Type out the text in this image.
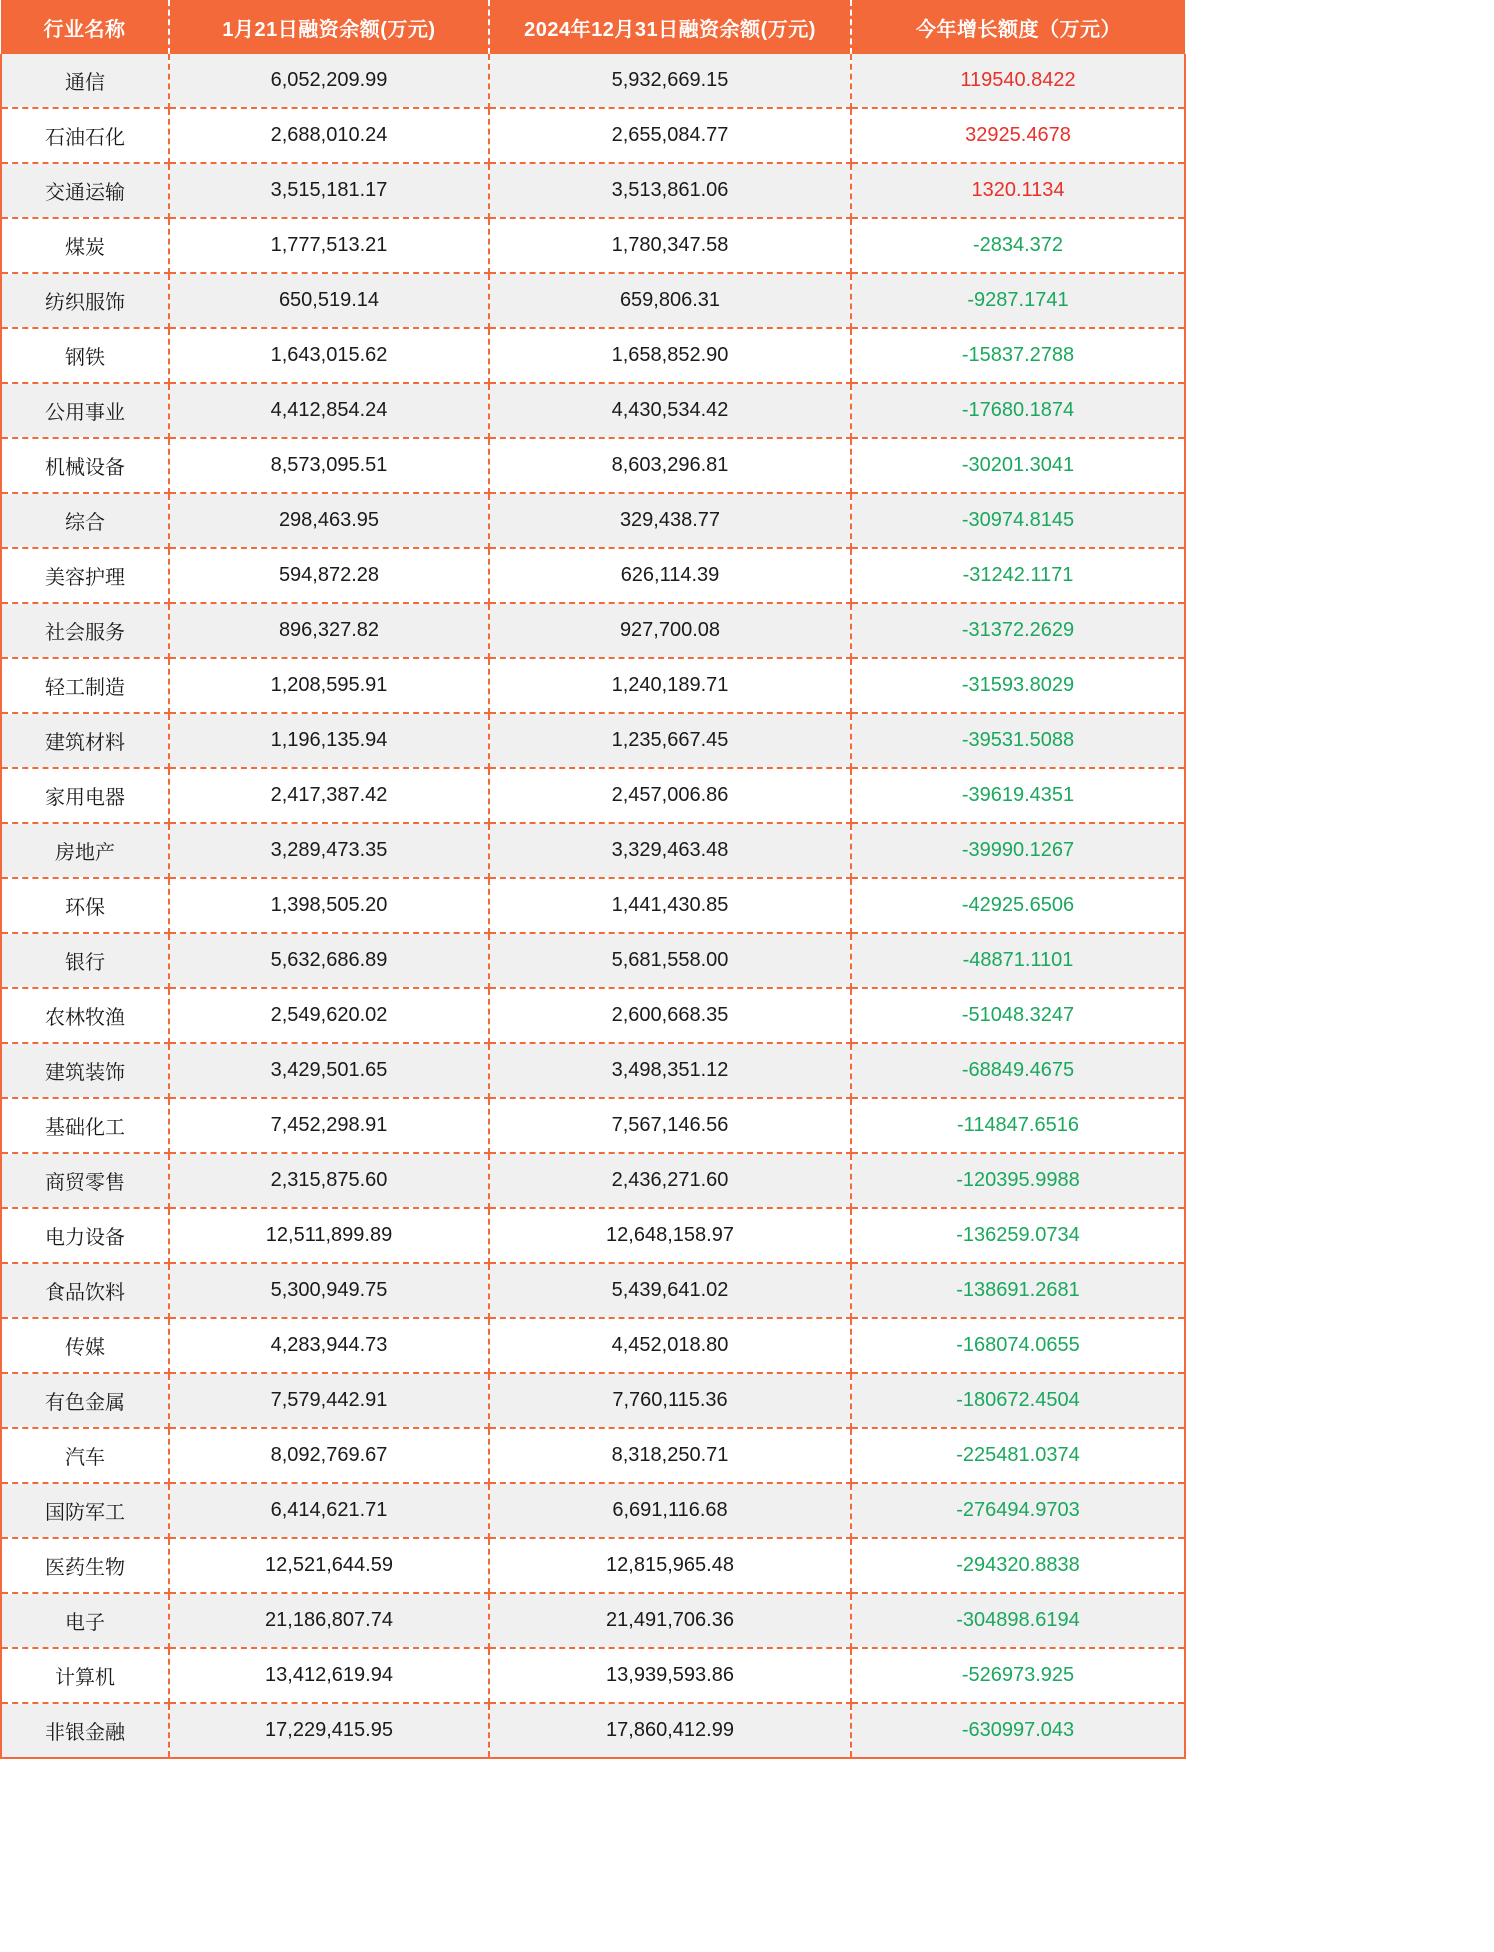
行业名称	1月21日融资余额(万元)	2024年12月31日融资余额(万元)	今年增长额度（万元）
通信	6,052,209.99	5,932,669.15	119540.8422
石油石化	2,688,010.24	2,655,084.77	32925.4678
交通运输	3,515,181.17	3,513,861.06	1320.1134
煤炭	1,777,513.21	1,780,347.58	-2834.372
纺织服饰	650,519.14	659,806.31	-9287.1741
钢铁	1,643,015.62	1,658,852.90	-15837.2788
公用事业	4,412,854.24	4,430,534.42	-17680.1874
机械设备	8,573,095.51	8,603,296.81	-30201.3041
综合	298,463.95	329,438.77	-30974.8145
美容护理	594,872.28	626,114.39	-31242.1171
社会服务	896,327.82	927,700.08	-31372.2629
轻工制造	1,208,595.91	1,240,189.71	-31593.8029
建筑材料	1,196,135.94	1,235,667.45	-39531.5088
家用电器	2,417,387.42	2,457,006.86	-39619.4351
房地产	3,289,473.35	3,329,463.48	-39990.1267
环保	1,398,505.20	1,441,430.85	-42925.6506
银行	5,632,686.89	5,681,558.00	-48871.1101
农林牧渔	2,549,620.02	2,600,668.35	-51048.3247
建筑装饰	3,429,501.65	3,498,351.12	-68849.4675
基础化工	7,452,298.91	7,567,146.56	-114847.6516
商贸零售	2,315,875.60	2,436,271.60	-120395.9988
电力设备	12,511,899.89	12,648,158.97	-136259.0734
食品饮料	5,300,949.75	5,439,641.02	-138691.2681
传媒	4,283,944.73	4,452,018.80	-168074.0655
有色金属	7,579,442.91	7,760,115.36	-180672.4504
汽车	8,092,769.67	8,318,250.71	-225481.0374
国防军工	6,414,621.71	6,691,116.68	-276494.9703
医药生物	12,521,644.59	12,815,965.48	-294320.8838
电子	21,186,807.74	21,491,706.36	-304898.6194
计算机	13,412,619.94	13,939,593.86	-526973.925
非银金融	17,229,415.95	17,860,412.99	-630997.043
